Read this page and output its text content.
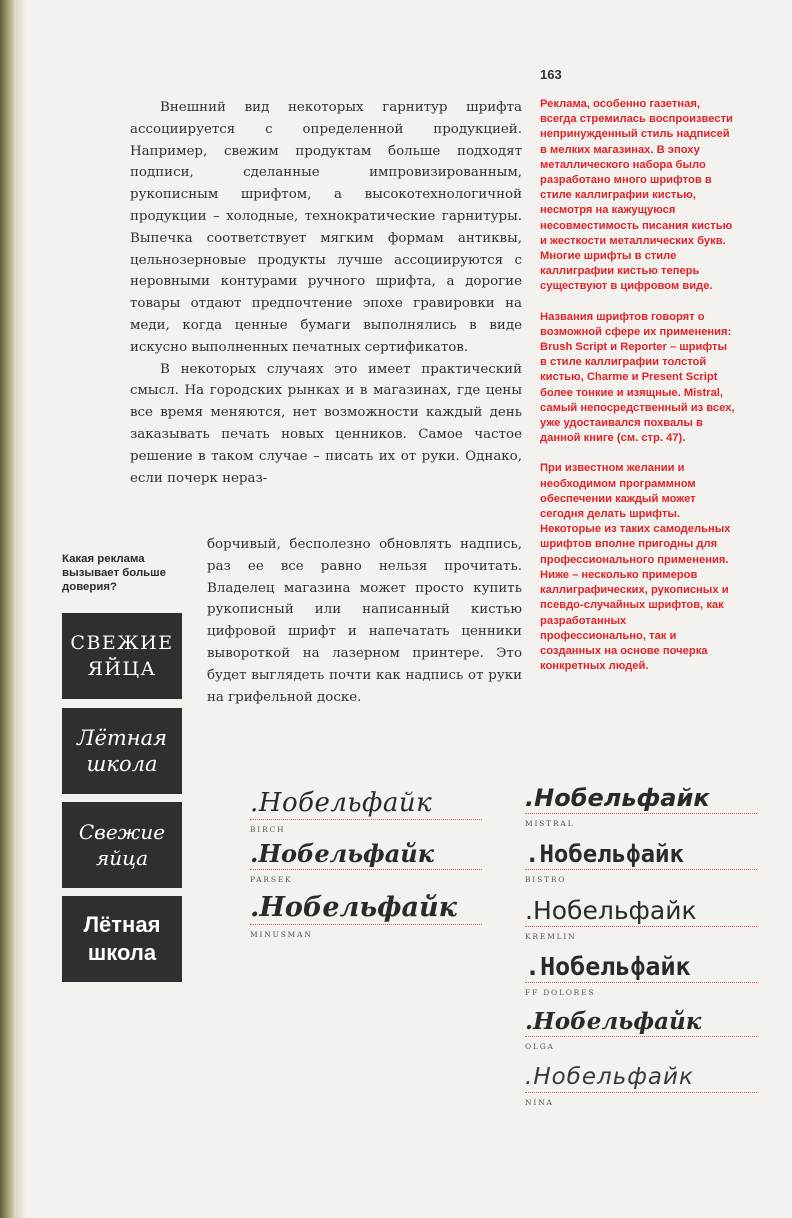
163

Внешний вид некоторых гарнитур шрифта ассоциируется с определенной продукцией. Например, свежим продуктам больше подходят подписи, сделанные импровизированным, рукописным шрифтом, а высокотехнологичной продукции – холодные, технократические гарнитуры. Выпечка соответствует мягким формам антиквы, цельнозерновые продукты лучше ассоциируются с неровными контурами ручного шрифта, а дорогие товары отдают предпочтение эпохе гравировки на меди, когда ценные бумаги выполнялись в виде искусно выполненных печатных сертификатов.

В некоторых случаях это имеет практический смысл. На городских рынках и в магазинах, где цены все время меняются, нет возможности каждый день заказывать печать новых ценников. Самое частое решение в таком случае – писать их от руки. Однако, если почерк нераз-

борчивый, бесполезно обновлять надпись, раз ее все равно нельзя прочитать. Владелец магазина может просто купить рукописный или написанный кистью цифровой шрифт и напечатать ценники вывороткой на лазерном принтере. Это будет выглядеть почти как надпись от руки на грифельной доске.

Реклама, особенно газетная, всегда стремилась воспроизвести непринужденный стиль надписей в мелких магазинах. В эпоху металлического набора было разработано много шрифтов в стиле каллиграфии кистью, несмотря на кажущуюся несовместимость писания кистью и жесткости металлических букв. Многие шрифты в стиле каллиграфии кистью теперь существуют в цифровом виде.

Названия шрифтов говорят о возможной сфере их применения: Brush Script и Reporter – шрифты в стиле каллиграфии толстой кистью, Charme и Present Script более тонкие и изящные. Mistral, самый непосредственный из всех, уже удостаивался похвалы в данной книге (см. стр. 47).

При известном желании и необходимом программном обеспечении каждый может сегодня делать шрифты. Некоторые из таких самодельных шрифтов вполне пригодны для профессионального применения. Ниже – несколько примеров каллиграфических, рукописных и псевдо-случайных шрифтов, как разработанных профессионально, так и созданных на основе почерка конкретных людей.

Какая реклама вызывает больше доверия?
СВЕЖИЕ
ЯЙЦА
Лётная
школа
Свежие
яйца
Лётная
школа
.Нобельфайк
BIRCH
.Нобельфайк
PARSEK
.Нобельфайк
MINUSMAN
.Нобельфайк
MISTRAL
.Нобельфайк
BISTRO
.Нобельфайк
KREMLIN
.Нобельфайк
FF DOLORES
.Нобельфайк
OLGA
.Нобельфайк
NINA
